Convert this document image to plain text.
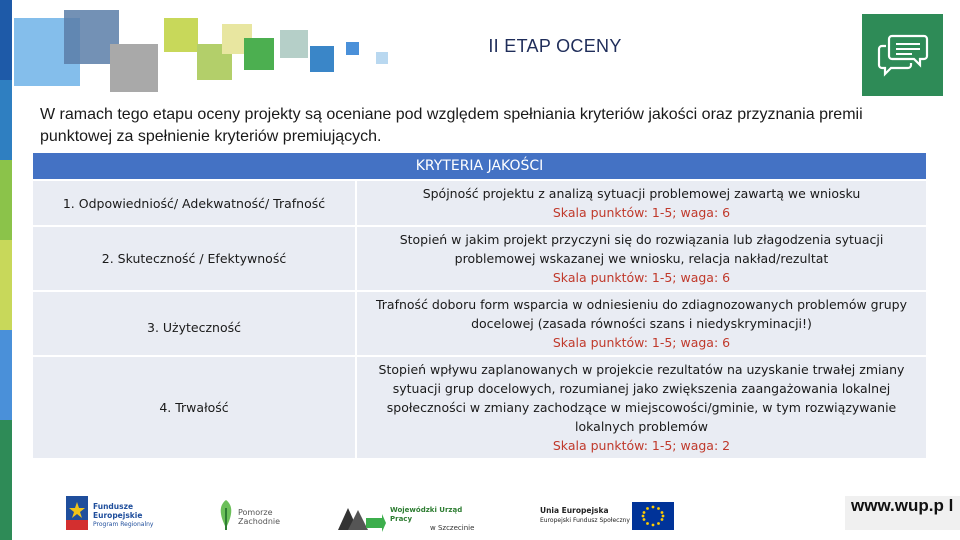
II ETAP OCENY
W ramach tego etapu oceny projekty są oceniane pod względem spełniania kryteriów jakości oraz przyznania premii punktowej za spełnienie kryteriów premiujących.
KRYTERIA JAKOŚCI
1. Odpowiedniość/ Adekwatność/ Trafność
Spójność projektu z analizą sytuacji problemowej zawartą we wniosku
Skala punktów: 1-5; waga: 6
2. Skuteczność / Efektywność
Stopień w jakim projekt przyczyni się do rozwiązania lub złagodzenia sytuacji problemowej wskazanej we wniosku, relacja nakład/rezultat
Skala punktów: 1-5; waga: 6
3. Użyteczność
Trafność doboru form wsparcia w odniesieniu do zdiagnozowanych problemów grupy docelowej (zasada równości szans i niedyskryminacji!)
Skala punktów: 1-5; waga: 6
4. Trwałość
Stopień wpływu zaplanowanych w projekcie rezultatów na uzyskanie trwałej zmiany sytuacji grup docelowych, rozumianej jako zwiększenia zaangażowania lokalnej społeczności w zmiany zachodzące w miejscowości/gminie, w tym rozwiązywanie lokalnych problemów
Skala punktów: 1-5; waga: 2
Fundusze
Europejskie
Program Regionalny
Pomorze
Zachodnie
Wojewódzki Urząd Pracy
w Szczecinie
Unia Europejska
Europejski Fundusz Społeczny
www.wup.p l
